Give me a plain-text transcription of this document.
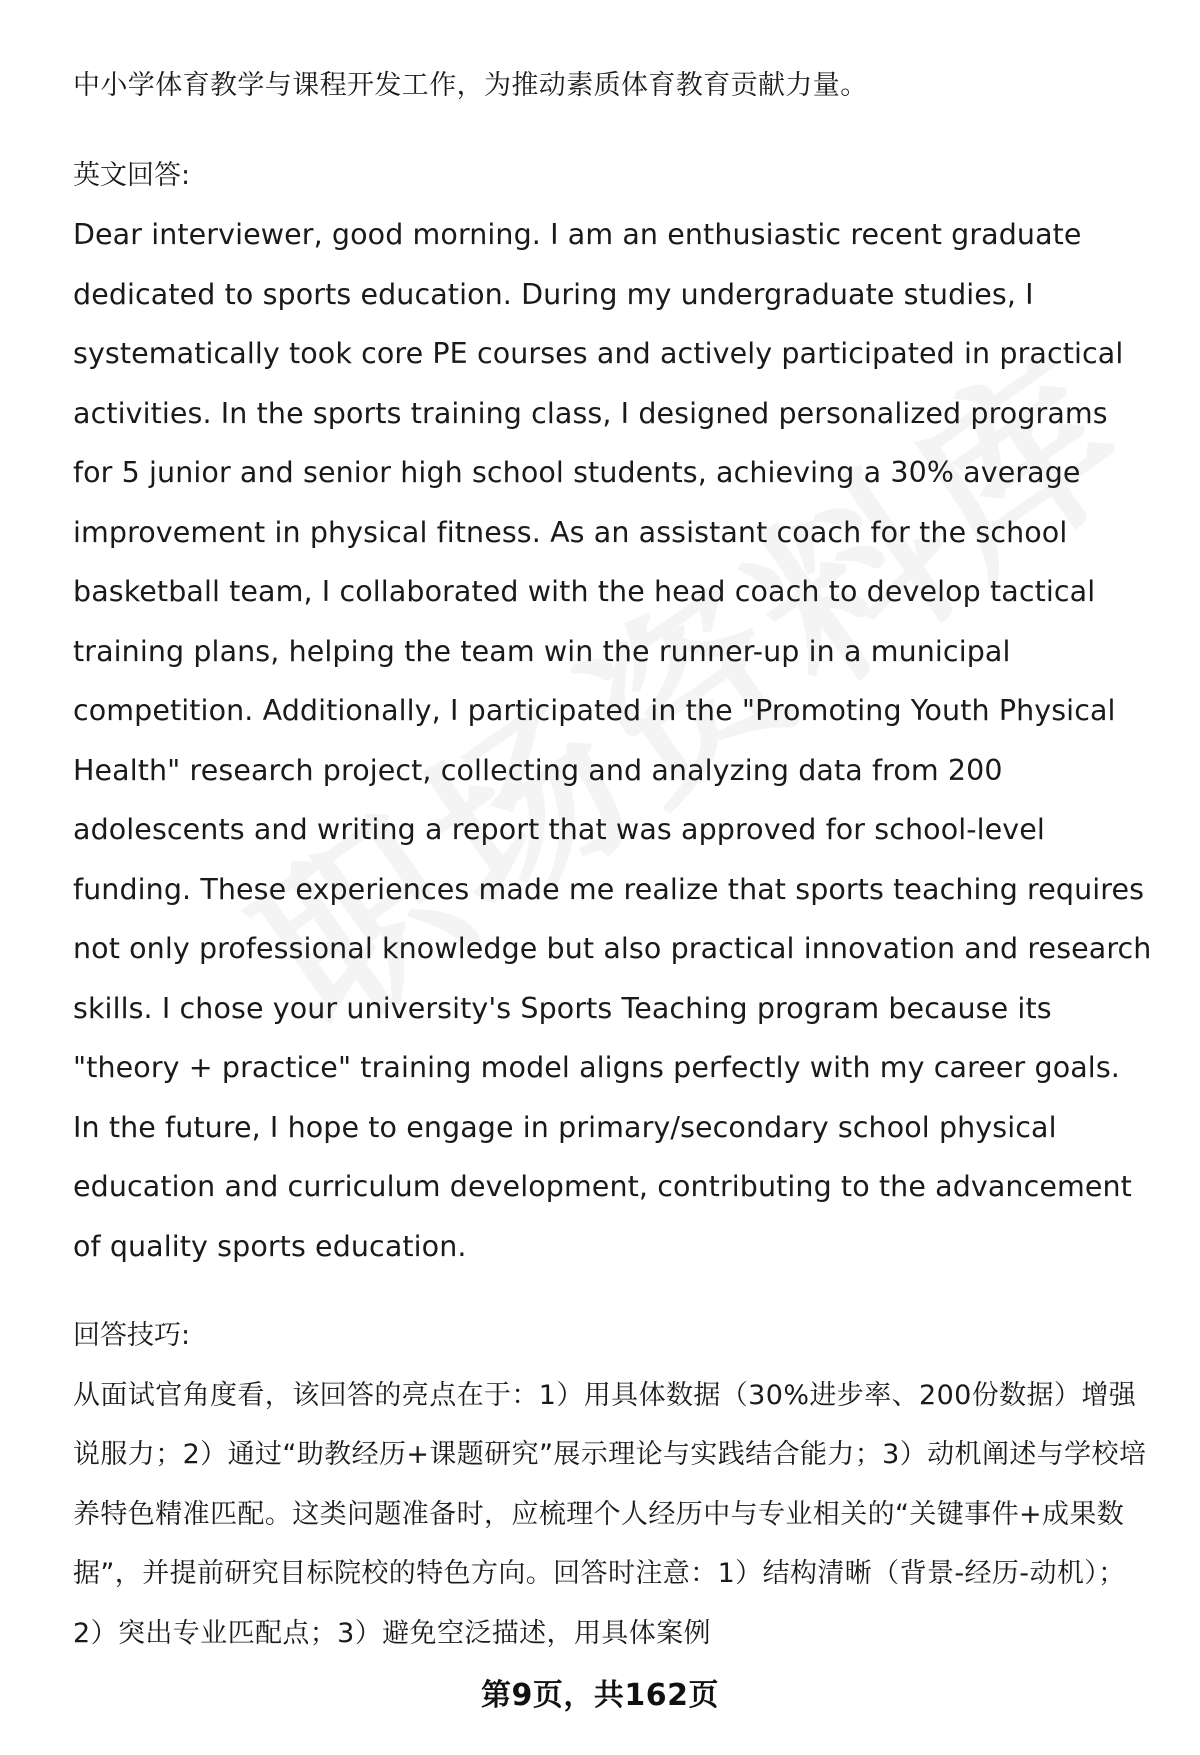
中小学体育教学与课程开发工作，为推动素质体育教育贡献力量。

英文回答:

Dear interviewer, good morning. I am an enthusiastic recent graduate dedicated to sports education. During my undergraduate studies, I systematically took core PE courses and actively participated in practical activities. In the sports training class, I designed personalized programs for 5 junior and senior high school students, achieving a 30% average improvement in physical fitness. As an assistant coach for the school basketball team, I collaborated with the head coach to develop tactical training plans, helping the team win the runner-up in a municipal competition. Additionally, I participated in the "Promoting Youth Physical Health" research project, collecting and analyzing data from 200 adolescents and writing a report that was approved for school-level funding. These experiences made me realize that sports teaching requires not only professional knowledge but also practical innovation and research skills. I chose your university's Sports Teaching program because its "theory + practice" training model aligns perfectly with my career goals. In the future, I hope to engage in primary/secondary school physical education and curriculum development, contributing to the advancement of quality sports education.

回答技巧:

从面试官角度看，该回答的亮点在于：1）用具体数据（30%进步率、200份数据）增强说服力；2）通过“助教经历+课题研究”展示理论与实践结合能力；3）动机阐述与学校培养特色精准匹配。这类问题准备时，应梳理个人经历中与专业相关的“关键事件+成果数据”，并提前研究目标院校的特色方向。回答时注意：1）结构清晰（背景-经历-动机）；2）突出专业匹配点；3）避免空泛描述，用具体案例

第9页，共162页
